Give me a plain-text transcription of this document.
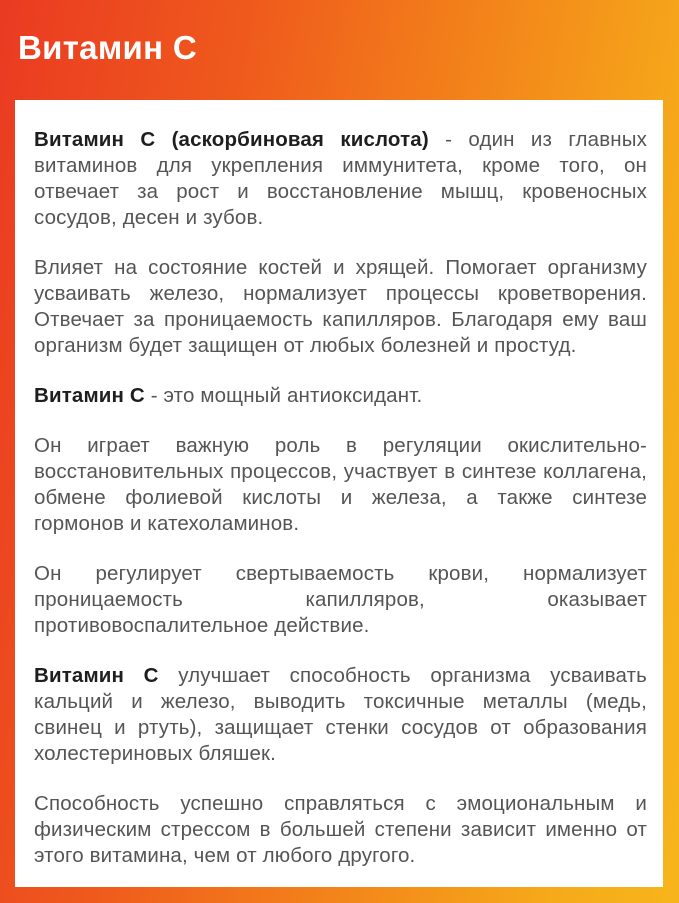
Витамин С

Витамин С (аскорбиновая кислота) - один из главных витаминов для укрепления иммунитета, кроме того, он отвечает за рост и восстановление мышц, кровеносных сосудов, десен и зубов.

Влияет на состояние костей и хрящей. Помогает организму усваивать железо, нормализует процессы кроветворения. Отвечает за проницаемость капилляров. Благодаря ему ваш организм будет защищен от любых болезней и простуд.

Витамин С - это мощный антиоксидант.

Он играет важную роль в регуляции окислительно-восстановительных процессов, участвует в синтезе коллагена, обмене фолиевой кислоты и железа, а также синтезе гормонов и катехоламинов.

Он регулирует свертываемость крови, нормализует проницаемость капилляров, оказывает противовоспалительное действие.

Витамин С улучшает способность организма усваивать кальций и железо, выводить токсичные металлы (медь, свинец и ртуть), защищает стенки сосудов от образования холестериновых бляшек.

Способность успешно справляться с эмоциональным и физическим стрессом в большей степени зависит именно от этого витамина, чем от любого другого.
